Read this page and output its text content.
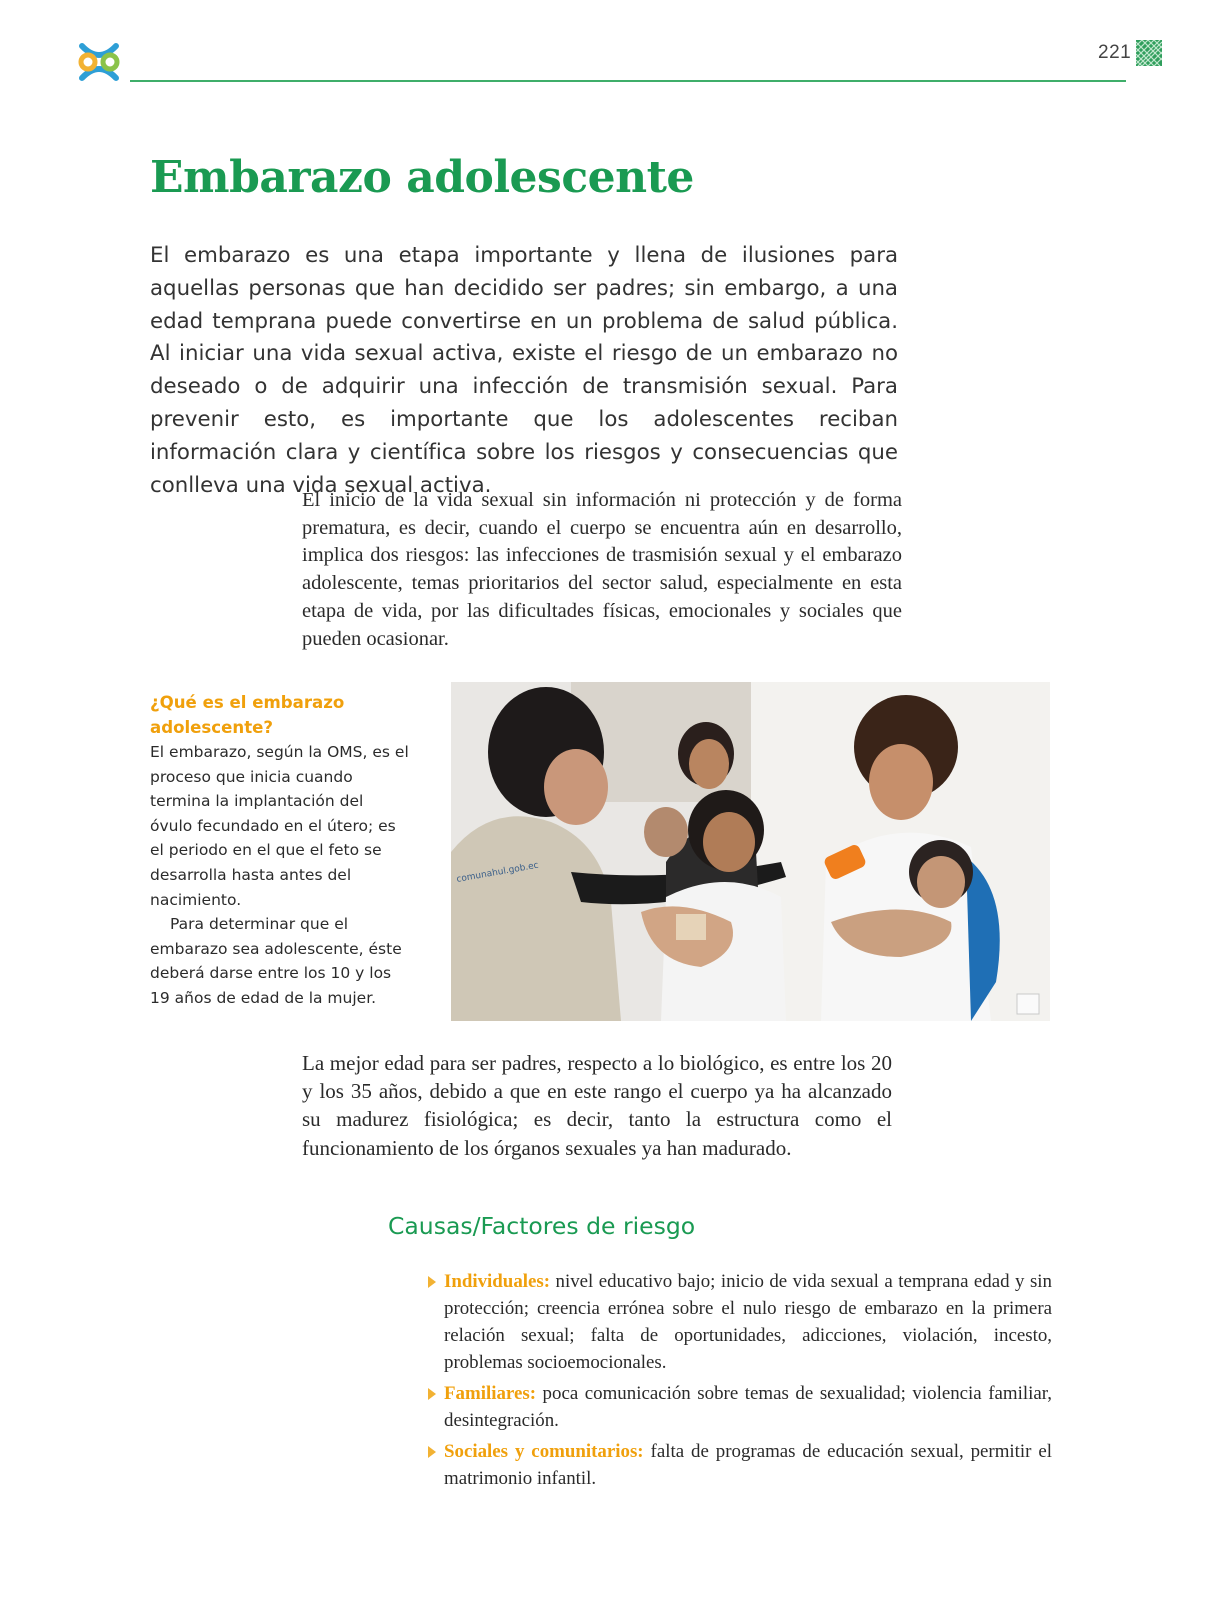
221
Embarazo adolescente

El embarazo es una etapa importante y llena de ilusiones para aquellas personas que han decidido ser padres; sin embargo, a una edad temprana puede convertirse en un problema de salud pública. Al iniciar una vida sexual activa, existe el riesgo de un embarazo no deseado o de adquirir una infección de transmisión sexual. Para prevenir esto, es importante que los adolescentes reciban información clara y científica sobre los riesgos y consecuencias que conlleva una vida sexual activa.

El inicio de la vida sexual sin información ni protección y de forma prematura, es decir, cuando el cuerpo se encuentra aún en desarrollo, implica dos riesgos: las infecciones de trasmisión sexual y el embarazo adolescente, temas prioritarios del sector salud, especialmente en esta etapa de vida, por las dificultades físicas, emocionales y sociales que pueden ocasionar.

¿Qué es el embarazo adolescente?

El embarazo, según la OMS, es el proceso que inicia cuando termina la implantación del óvulo fecundado en el útero; es el periodo en el que el feto se desarrolla hasta antes del nacimiento.

Para determinar que el embarazo sea adolescente, éste deberá darse entre los 10 y los 19 años de edad de la mujer.

comunahul.gob.ec

La mejor edad para ser padres, respecto a lo biológico, es entre los 20 y los 35 años, debido a que en este rango el cuerpo ya ha alcanzado su madurez fisiológica; es decir, tanto la estructura como el funcionamiento de los órganos sexuales ya han madurado.

Causas/Factores de riesgo
Individuales: nivel educativo bajo; inicio de vida sexual a temprana edad y sin protección; creencia errónea sobre el nulo riesgo de embarazo en la primera relación sexual; falta de oportunidades, adicciones, violación, incesto, problemas socioemocionales.
Familiares: poca comunicación sobre temas de sexualidad; violencia familiar, desintegración.
Sociales y comunitarios: falta de programas de educación sexual, permitir el matrimonio infantil.
